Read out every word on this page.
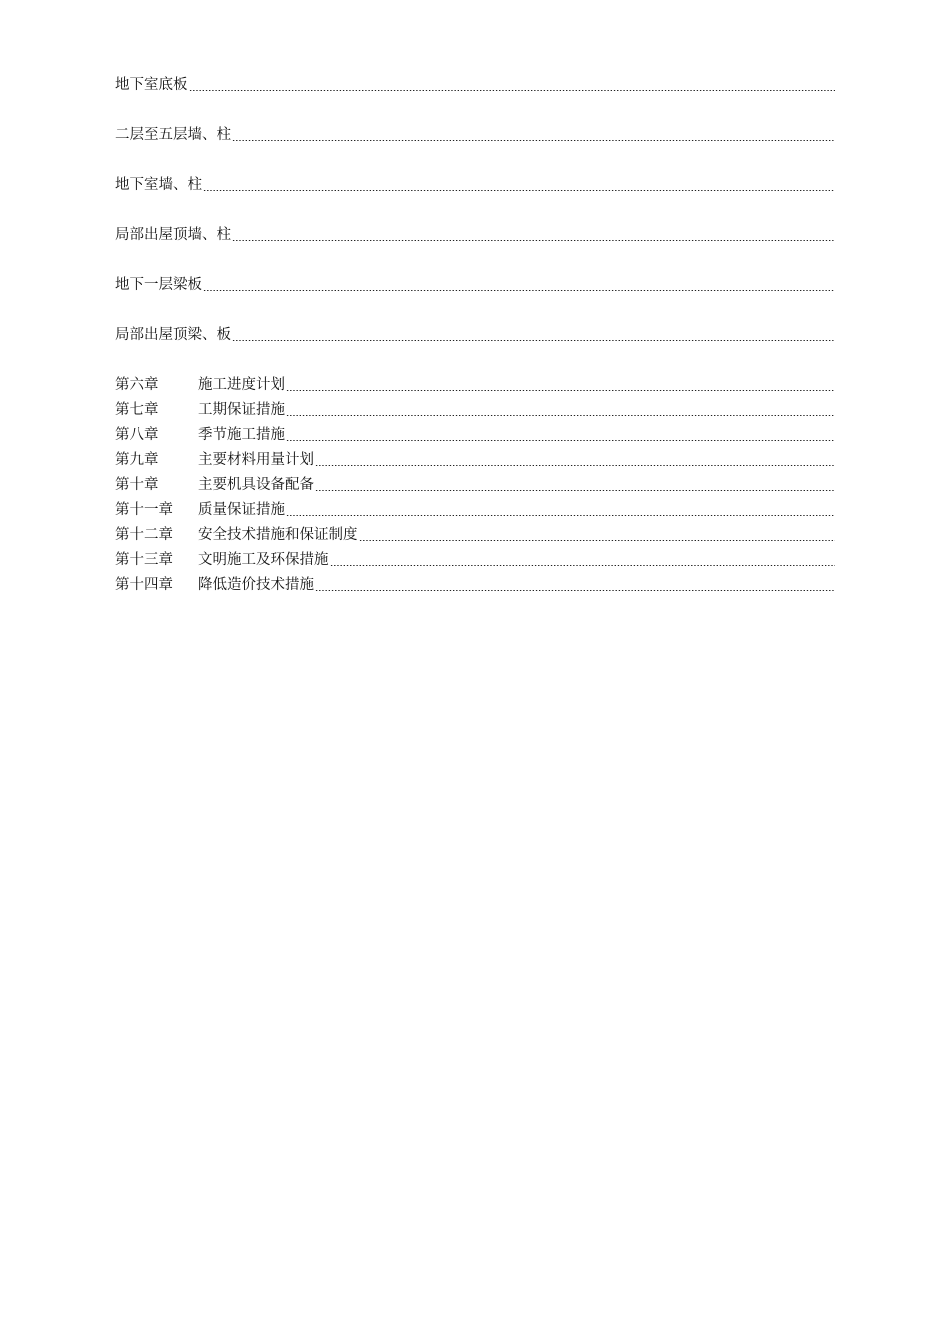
地下室底板
二层至五层墙、柱
地下室墙、柱
局部出屋顶墙、柱
地下一层梁板
局部出屋顶梁、板
第六章	施工进度计划
第七章	工期保证措施
第八章	季节施工措施
第九章	主要材料用量计划
第十章	主要机具设备配备
第十一章	质量保证措施
第十二章	安全技术措施和保证制度
第十三章	文明施工及环保措施
第十四章	降低造价技术措施
